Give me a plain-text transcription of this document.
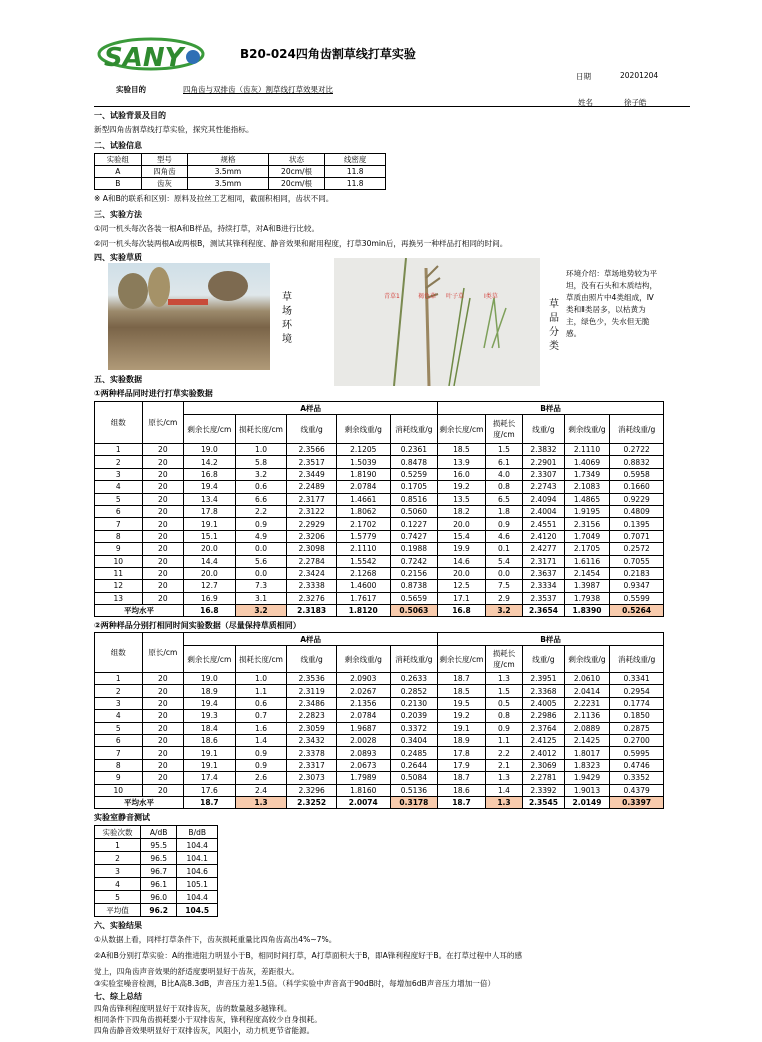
SANY	B20-024四角齿割草线打草实验
日期	20201204
实验目的	四角齿与双排齿（齿灰）割草线打草效果对比
姓名	徐子皓
一、试验背景及目的
新型四角齿割草线打草实验，探究其性能指标。
二、试验信息
实验组	型号	规格	状态	线密度
A	四角齿	3.5mm	20cm/根	11.8
B	齿灰	3.5mm	20cm/根	11.8
※ A和B的联系和区别：原料及拉丝工艺相同，截面积相同，齿状不同。
三、实验方法
①同一机头每次各装一根A和B样品，持续打草，对A和B进行比较。
②同一机头每次装两根A或两根B，测试其锋利程度、静音效果和耐用程度，打草30min后，再换另一种样品打相同的时间。
四、实验草质
草场环境
青草1	褐色草 叶子草	Ⅰ类草
草品分类
环境介绍：草场地势较为平坦，没有石头和木质结构，草质由照片中4类组成，Ⅳ类和Ⅱ类居多，以枯黄为主，绿色少，失水但无脆感。
五、实验数据
①两种样品同时进行打草实验数据
组数	原长/cm	A样品					B样品				
		剩余长度/cm	损耗长度/cm	线重/g	剩余线重/g	消耗线重/g	剩余长度/cm	损耗长度/cm	线重/g	剩余线重/g	消耗线重/g
1	20	19.0	1.0	2.3566	2.1205	0.2361	18.5	1.5	2.3832	2.1110	0.2722
2	20	14.2	5.8	2.3517	1.5039	0.8478	13.9	6.1	2.2901	1.4069	0.8832
3	20	16.8	3.2	2.3449	1.8190	0.5259	16.0	4.0	2.3307	1.7349	0.5958
4	20	19.4	0.6	2.2489	2.0784	0.1705	19.2	0.8	2.2743	2.1083	0.1660
5	20	13.4	6.6	2.3177	1.4661	0.8516	13.5	6.5	2.4094	1.4865	0.9229
6	20	17.8	2.2	2.3122	1.8062	0.5060	18.2	1.8	2.4004	1.9195	0.4809
7	20	19.1	0.9	2.2929	2.1702	0.1227	20.0	0.9	2.4551	2.3156	0.1395
8	20	15.1	4.9	2.3206	1.5779	0.7427	15.4	4.6	2.4120	1.7049	0.7071
9	20	20.0	0.0	2.3098	2.1110	0.1988	19.9	0.1	2.4277	2.1705	0.2572
10	20	14.4	5.6	2.2784	1.5542	0.7242	14.6	5.4	2.3171	1.6116	0.7055
11	20	20.0	0.0	2.3424	2.1268	0.2156	20.0	0.0	2.3637	2.1454	0.2183
12	20	12.7	7.3	2.3338	1.4600	0.8738	12.5	7.5	2.3334	1.3987	0.9347
13	20	16.9	3.1	2.3276	1.7617	0.5659	17.1	2.9	2.3537	1.7938	0.5599
平均水平		16.8	3.2	2.3183	1.8120	0.5063	16.8	3.2	2.3654	1.8390	0.5264
②两种样品分别打相同时间实验数据（尽量保持草质相同）
组数	原长/cm	A样品					B样品				
		剩余长度/cm	损耗长度/cm	线重/g	剩余线重/g	消耗线重/g	剩余长度/cm	损耗长度/cm	线重/g	剩余线重/g	消耗线重/g
1	20	19.0	1.0	2.3536	2.0903	0.2633	18.7	1.3	2.3951	2.0610	0.3341
2	20	18.9	1.1	2.3119	2.0267	0.2852	18.5	1.5	2.3368	2.0414	0.2954
3	20	19.4	0.6	2.3486	2.1356	0.2130	19.5	0.5	2.4005	2.2231	0.1774
4	20	19.3	0.7	2.2823	2.0784	0.2039	19.2	0.8	2.2986	2.1136	0.1850
5	20	18.4	1.6	2.3059	1.9687	0.3372	19.1	0.9	2.3764	2.0889	0.2875
6	20	18.6	1.4	2.3432	2.0028	0.3404	18.9	1.1	2.4125	2.1425	0.2700
7	20	19.1	0.9	2.3378	2.0893	0.2485	17.8	2.2	2.4012	1.8017	0.5995
8	20	19.1	0.9	2.3317	2.0673	0.2644	17.9	2.1	2.3069	1.8323	0.4746
9	20	17.4	2.6	2.3073	1.7989	0.5084	18.7	1.3	2.2781	1.9429	0.3352
10	20	17.6	2.4	2.3296	1.8160	0.5136	18.6	1.4	2.3392	1.9013	0.4379
平均水平		18.7	1.3	2.3252	2.0074	0.3178	18.7	1.3	2.3545	2.0149	0.3397
实验室静音测试
实验次数	A/dB	B/dB
1	95.5	104.4
2	96.5	104.1
3	96.7	104.6
4	96.1	105.1
5	96.0	104.4
平均值	96.2	104.5
六、实验结果
①从数据上看，同样打草条件下，齿灰损耗重量比四角齿高出4%~7%。
②A和B分别打草实验：A的推进阻力明显小于B，相同时间打草，A打草面积大于B，即A锋利程度好于B。在打草过程中人耳的感
觉上，四角齿声音效果的舒适度要明显好于齿灰，差距很大。
③实验室噪音检测，B比A高8.3dB，声音压力差1.5倍。（科学实验中声音高于90dB时，每增加6dB声音压力增加一倍）
七、综上总结
四角齿锋利程度明显好于双排齿灰，齿的数量越多越锋利。
相同条件下四角齿损耗要小于双排齿灰，锋利程度高较少自身损耗。
四角齿静音效果明显好于双排齿灰，风阻小，动力机更节省能源。
